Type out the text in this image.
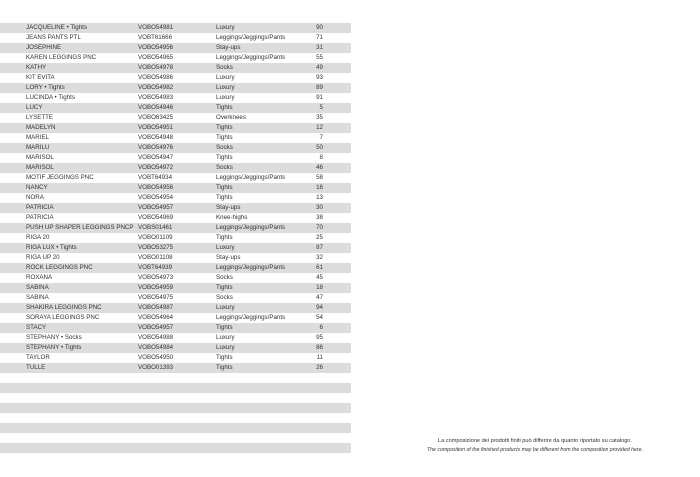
JACQUELINE • Tights	VOBO54981	Luxury	90
JEANS PANTS PTL	VOBT61666	Leggings/Jeggings/Pants	71
JOSEPHINE	VOBO54956	Stay-ups	31
KAREN LEGGINGS PNC	VOBO54965	Leggings/Jeggings/Pants	55
KATHY	VOBO54978	Socks	49
KIT EVITA	VOBO54986	Luxury	93
LORY • Tights	VOBO54982	Luxury	89
LUCINDA • Tights	VOBO54983	Luxury	91
LUCY	VOBO54946	Tights	5
LYSETTE	VOBO63425	Overknees	35
MADELYN	VOBO54951	Tights	12
MARIEL	VOBO54948	Tights	7
MARILU	VOBO54976	Socks	50
MARISOL	VOBO54947	Tights	8
MARISOL	VOBO54972	Socks	46
MOTIF JEGGINGS PNC	VOBT64934	Leggings/Jeggings/Pants	58
NANCY	VOBO54956	Tights	16
NORA	VOBO54954	Tights	13
PATRICIA	VOBO54957	Stay-ups	30
PATRICIA	VOBO54969	Knee-highs	38
PUSH UP SHAPER LEGGINGS PNCP VOBS01461	Leggings/Jeggings/Pants	70
RIGA 20	VOBO01109	Tights	25
RIGA LUX • Tights	VOBO53275	Luxury	87
RIGA UP 20	VOBO01108	Stay-ups	32
ROCK LEGGINGS PNC	VOBT64939	Leggings/Jeggings/Pants	61
ROXANA	VOBO54973	Socks	45
SABINA	VOBO54959	Tights	18
SABINA	VOBO54975	Socks	47
SHAKIRA LEGGINGS PNC	VOBO54987	Luxury	94
SORAYA LEGGINGS PNC	VOBO54964	Leggings/Jeggings/Pants	54
STACY	VOBO54957	Tights	6
STEPHANY • Socks	VOBO54988	Luxury	95
STEPHANY • Tights	VOBO54984	Luxury	86
TAYLOR	VOBO54950	Tights	11
TULLE	VOBO01393	Tights	26
La composizione dei prodotti finiti può differire da quanto riportato su catalogo.
The composition of the finished products may be different from the composition provided here.
